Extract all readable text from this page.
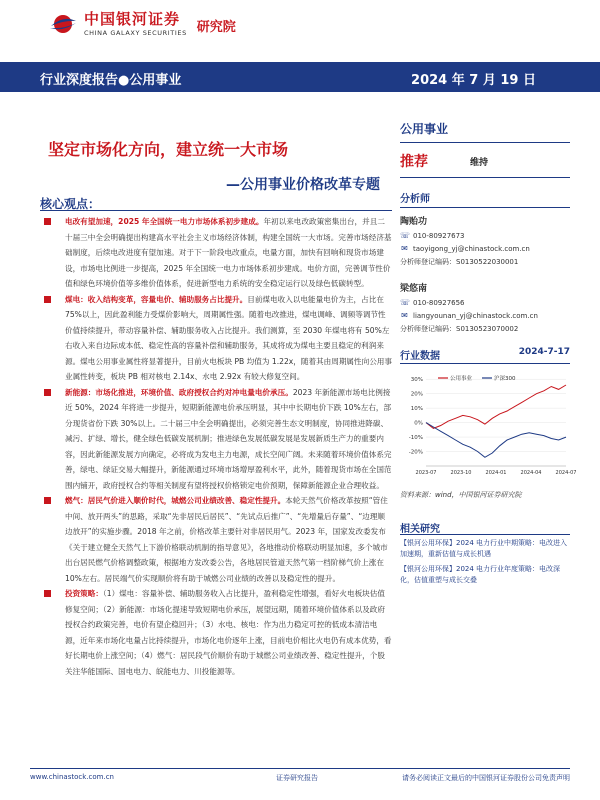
中国银河证券
CHINA GALAXY SECURITIES 研究院
行业深度报告●公用事业	2024 年 7 月 19 日
坚定市场化方向，建立统一大市场
—公用事业价格改革专题
核心观点：

电改有望加速，2025 年全国统一电力市场体系初步建成。年初以来电改政策密集出台，并且二十届三中全会明确提出构建高水平社会主义市场经济体制，构建全国统一大市场。完善市场经济基础制度，后续电改进度有望加速。对于下一阶段电改重点，电量方面，加快有回响和现货市场建设，市场电比例进一步提高，2025 年全国统一电力市场体系初步建成。电价方面，完善调节性价值和绿色环境价值等多维价值体系，促进新型电力系统的安全稳定运行以及绿色低碳转型。

煤电：收入结构变革，容量电价、辅助服务占比提升。目前煤电收入以电能量电价为主，占比在 75%以上，因此盈利能力受煤价影响大，周期属性强。随着电改推进，煤电调峰、调频等调节性价值持续提升，带动容量补偿、辅助服务收入占比提升。我们测算，至 2030 年煤电将有 50%左右收入来自边际成本低、稳定性高的容量补偿和辅助服务，其成将成为煤电主要且稳定的利润来源。煤电公用事业属性将显著提升，目前火电板块 PB 均值为 1.22x，随着其由周期属性向公用事业属性转变，板块 PB 相对核电 2.14x、水电 2.92x 有较大修复空间。

新能源：市场化推进，环境价值、政府授权合约对冲电量电价承压。2023 年新能源市场电比例接近 50%，2024 年将进一步提升，短期新能源电价承压明显，其中中长期电价下跌 10%左右，部分现货省份下跌 30%以上。二十届三中全会明确提出，必须完善生态文明制度，协同推进降碳、减污、扩绿、增长，健全绿色低碳发展机制；推进绿色发展低碳发展是发展新质生产力的重要内容，因此新能源发展方向确定，必将成为发电主力电源，成长空间广阔。未来随着环境价值体系完善，绿电、绿证交易大幅提升，新能源通过环境市场增厚盈利水平，此外，随着现货市场在全国范围内铺开，政府授权合约等相关制度有望将授权价格锁定电价预期，保障新能源企业合理收益。

燃气：居民气价进入顺价时代，城燃公司业绩改善、稳定性提升。本轮天然气价格改革按照“管住中间、放开两头”的思路，采取“先非居民后居民”、“先试点后推广”、“先增量后存量”、“边理顺边放开”的实施步骤。2018 年之前，价格改革主要针对非居民用气。2023 年，国家发改委发布《关于建立健全天然气上下游价格联动机制的指导意见》，各地推动价格联动明显加速，多个城市出台居民燃气价格调整政策，根据地方发改委公告，各地居民管道天然气第一档阶梯气价上涨在 10%左右。居民端气价实现顺价将有助于城燃公司业绩的改善以及稳定性的提升。

投资策略：（1）煤电：容量补偿、辅助服务收入占比提升，盈利稳定性增强，看好火电板块估值修复空间；（2）新能源：市场化提速导致短期电价承压，展望远期，随着环境价值体系以及政府授权合约政策完善，电价有望企稳回升；（3）水电、核电：作为出力稳定可控的低成本清洁电源，近年来市场化电量占比持续提升，市场化电价逐年上涨，目前电价相比火电仍有成本优势，看好长期电价上涨空间；（4）燃气：居民段气价顺价有助于城燃公司业绩改善、稳定性提升，个股关注华能国际、国电电力、皖能电力、川投能源等。

公用事业
推荐	维持
分析师
陶贻功
☏ 010-80927673
✉ taoyigong_yj@chinastock.com.cn
分析师登记编码：S0130522030001
梁悠南
☏ 010-80927656
✉ liangyounan_yj@chinastock.com.cn
分析师登记编码：S0130523070002
行业数据	2024-7-17
30%
20%
10%
0%
-10%
-20%
2023-07	2023-10	2024-01	2024-04	2024-07
公用事业	沪深300
资料来源：wind，中国银河证券研究院
相关研究
【银河公用环保】2024 电力行业中期策略：电改进入加速期，重新估值与成长机遇
【银河公用环保】2024 电力行业年度策略：电改深化，估值重塑与成长交叠
www.chinastock.com.cn	证券研究报告	请务必阅读正文最后的中国银河证券股份公司免责声明
